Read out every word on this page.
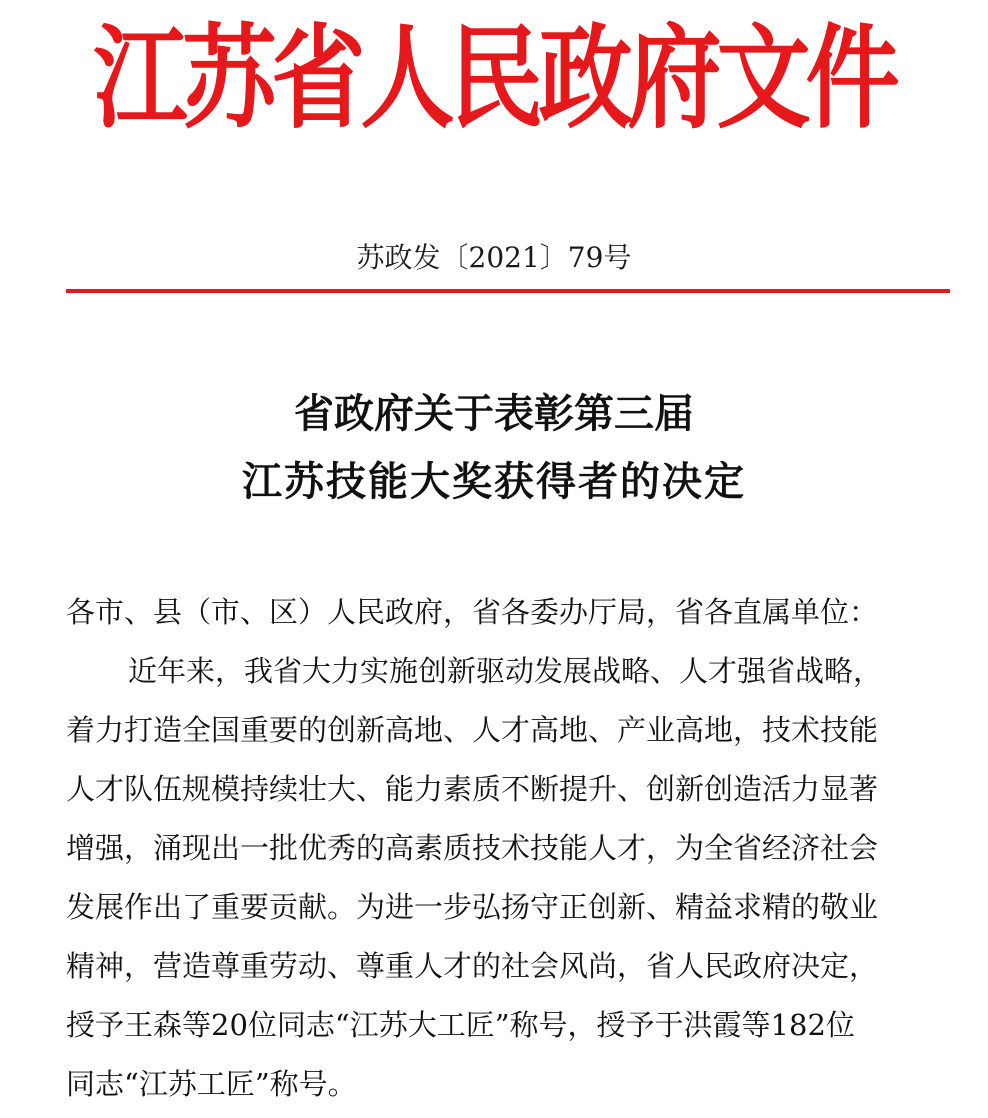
江苏省人民政府文件
苏政发〔2021〕79号
省政府关于表彰第三届
江苏技能大奖获得者的决定
各市、县（市、区）人民政府，省各委办厅局，省各直属单位：
近年来，我省大力实施创新驱动发展战略、人才强省战略，
着力打造全国重要的创新高地、人才高地、产业高地，技术技能
人才队伍规模持续壮大、能力素质不断提升、创新创造活力显著
增强，涌现出一批优秀的高素质技术技能人才，为全省经济社会
发展作出了重要贡献。为进一步弘扬守正创新、精益求精的敬业
精神，营造尊重劳动、尊重人才的社会风尚，省人民政府决定，
授予王森等20位同志“江苏大工匠”称号，授予于洪霞等182位
同志“江苏工匠”称号。
